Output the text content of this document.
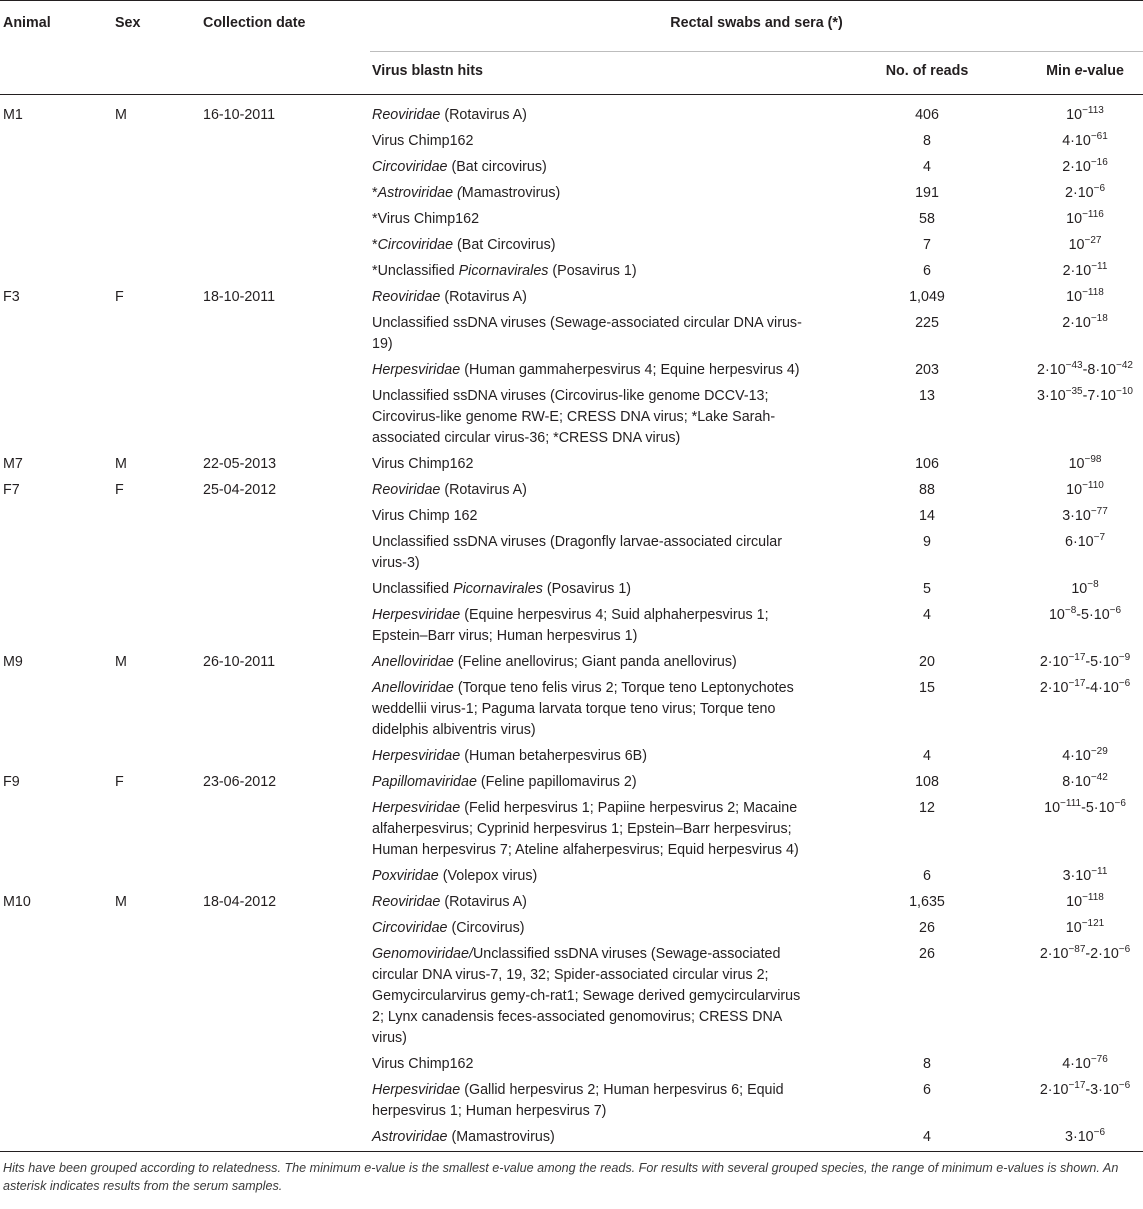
Animal	Sex	Collection date	Rectal swabs and sera (*)		
			Virus blastn hits	No. of reads	Min e-value
M1	M	16-10-2011	Reoviridae (Rotavirus A)	406	$10^{-113}$
			Virus Chimp162	8	$4\cdot 10^{-61}$
			Circoviridae (Bat circovirus)	4	$2\cdot 10^{-16}$
			*Astroviridae (Mamastrovirus)	191	$2\cdot 10^{-6}$
			*Virus Chimp162	58	$10^{-116}$
			*Circoviridae (Bat Circovirus)	7	$10^{-27}$
			*Unclassified Picornavirales (Posavirus 1)	6	$2\cdot 10^{-11}$
F3	F	18-10-2011	Reoviridae (Rotavirus A)	1,049	$10^{-118}$
			Unclassified ssDNA viruses (Sewage-associated circular DNA virus-19)	225	$2\cdot 10^{-18}$
			Herpesviridae (Human gammaherpesvirus 4; Equine herpesvirus 4)	203	$2\cdot 10^{-43}-8\cdot 10^{-42}$
			Unclassified ssDNA viruses (Circovirus-like genome DCCV-13; Circovirus-like genome RW-E; CRESS DNA virus; *Lake Sarah-associated circular virus-36; *CRESS DNA virus)	13	$3\cdot 10^{-35}-7\cdot 10^{-10}$
M7	M	22-05-2013	Virus Chimp162	106	$10^{-98}$
F7	F	25-04-2012	Reoviridae (Rotavirus A)	88	$10^{-110}$
			Virus Chimp 162	14	$3\cdot 10^{-77}$
			Unclassified ssDNA viruses (Dragonfly larvae-associated circular virus-3)	9	$6\cdot 10^{-7}$
			Unclassified Picornavirales (Posavirus 1)	5	$10^{-8}$
			Herpesviridae (Equine herpesvirus 4; Suid alphaherpesvirus 1; Epstein–Barr virus; Human herpesvirus 1)	4	$10^{-8}-5\cdot 10^{-6}$
M9	M	26-10-2011	Anelloviridae (Feline anellovirus; Giant panda anellovirus)	20	$2\cdot 10^{-17}-5\cdot 10^{-9}$
			Anelloviridae (Torque teno felis virus 2; Torque teno Leptonychotes weddellii virus-1; Paguma larvata torque teno virus; Torque teno didelphis albiventris virus)	15	$2\cdot 10^{-17}-4\cdot 10^{-6}$
			Herpesviridae (Human betaherpesvirus 6B)	4	$4\cdot 10^{-29}$
F9	F	23-06-2012	Papillomaviridae (Feline papillomavirus 2)	108	$8\cdot 10^{-42}$
			Herpesviridae (Felid herpesvirus 1; Papiine herpesvirus 2; Macaine alfaherpesvirus; Cyprinid herpesvirus 1; Epstein–Barr herpesvirus; Human herpesvirus 7; Ateline alfaherpesvirus; Equid herpesvirus 4)	12	$10^{-111}-5\cdot 10^{-6}$
			Poxviridae (Volepox virus)	6	$3\cdot 10^{-11}$
M10	M	18-04-2012	Reoviridae (Rotavirus A)	1,635	$10^{-118}$
			Circoviridae (Circovirus)	26	$10^{-121}$
			Genomoviridae/Unclassified ssDNA viruses (Sewage-associated circular DNA virus-7, 19, 32; Spider-associated circular virus 2; Gemycircularvirus gemy-ch-rat1; Sewage derived gemycircularvirus 2; Lynx canadensis feces-associated genomovirus; CRESS DNA virus)	26	$2\cdot 10^{-87}-2\cdot 10^{-6}$
			Virus Chimp162	8	$4\cdot 10^{-76}$
			Herpesviridae (Gallid herpesvirus 2; Human herpesvirus 6; Equid herpesvirus 1; Human herpesvirus 7)	6	$2\cdot 10^{-17}-3\cdot 10^{-6}$
			Astroviridae (Mamastrovirus)	4	$3\cdot 10^{-6}$
Hits have been grouped according to relatedness. The minimum e-value is the smallest e-value among the reads. For results with several grouped species, the range of minimum e-values is shown. An asterisk indicates results from the serum samples.
